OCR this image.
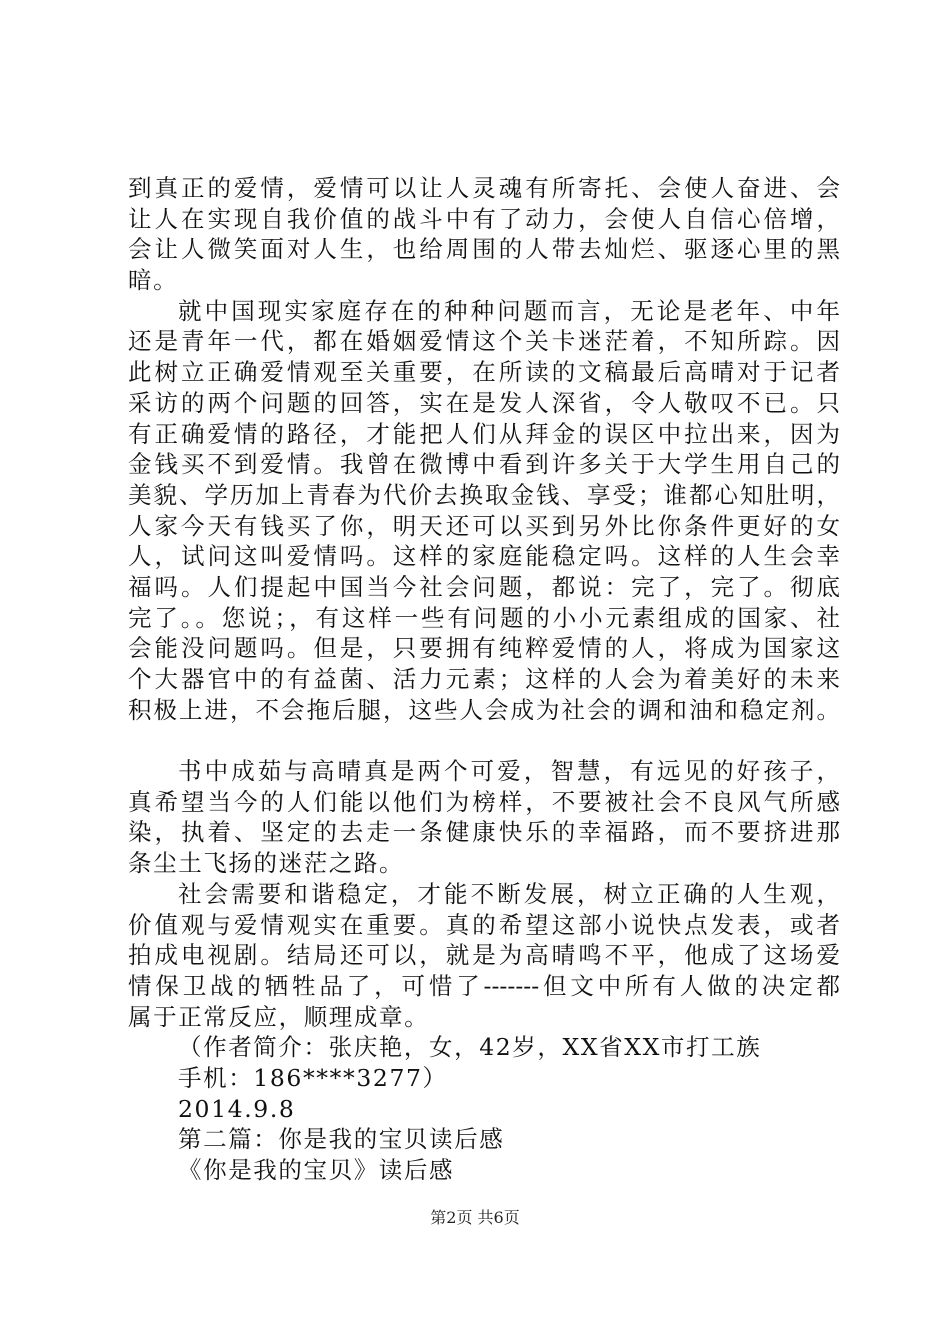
到真正的爱情，爱情可以让人灵魂有所寄托、会使人奋进、会
让人在实现自我价值的战斗中有了动力，会使人自信心倍增，
会让人微笑面对人生，也给周围的人带去灿烂、驱逐心里的黑
暗。
就中国现实家庭存在的种种问题而言，无论是老年、中年
还是青年一代，都在婚姻爱情这个关卡迷茫着，不知所踪。因
此树立正确爱情观至关重要，在所读的文稿最后高晴对于记者
采访的两个问题的回答，实在是发人深省，令人敬叹不已。只
有正确爱情的路径，才能把人们从拜金的误区中拉出来，因为
金钱买不到爱情。我曾在微博中看到许多关于大学生用自己的
美貌、学历加上青春为代价去换取金钱、享受；谁都心知肚明，
人家今天有钱买了你，明天还可以买到另外比你条件更好的女
人，试问这叫爱情吗。这样的家庭能稳定吗。这样的人生会幸
福吗。人们提起中国当今社会问题，都说：完了，完了。彻底
完了。。您说；，有这样一些有问题的小小元素组成的国家、社
会能没问题吗。但是，只要拥有纯粹爱情的人，将成为国家这
个大器官中的有益菌、活力元素；这样的人会为着美好的未来
积极上进，不会拖后腿，这些人会成为社会的调和油和稳定剂。
书中成茹与高晴真是两个可爱，智慧，有远见的好孩子，
真希望当今的人们能以他们为榜样，不要被社会不良风气所感
染，执着、坚定的去走一条健康快乐的幸福路，而不要挤进那
条尘土飞扬的迷茫之路。
社会需要和谐稳定，才能不断发展，树立正确的人生观，
价值观与爱情观实在重要。真的希望这部小说快点发表，或者
拍成电视剧。结局还可以，就是为高晴鸣不平，他成了这场爱
情保卫战的牺牲品了，可惜了-------但文中所有人做的决定都
属于正常反应，顺理成章。
（作者简介：张庆艳，女，42岁，XX省XX市打工族
手机：186****3277）
2014.9.8
第二篇：你是我的宝贝读后感
《你是我的宝贝》读后感
第2页 共6页
